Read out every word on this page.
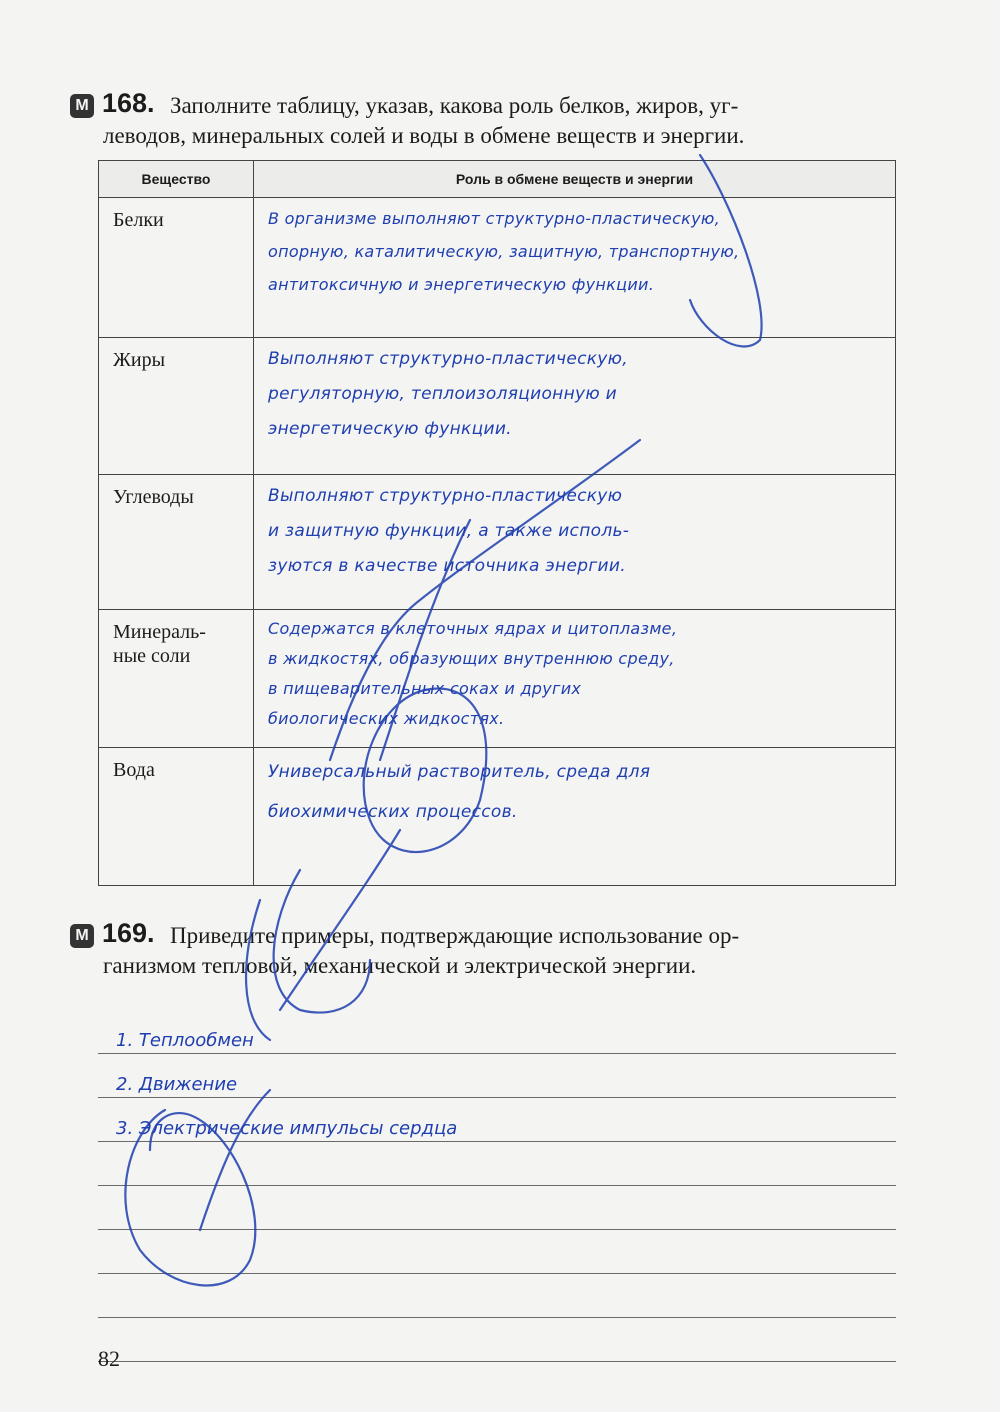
M 168. Заполните таблицу, указав, какова роль белков, жиров, уг-
леводов, минеральных солей и воды в обмене веществ и энергии.
Вещество	Роль в обмене веществ и энергии
Белки	В организме выполняют структурно-пластическую,
опорную, каталитическую, защитную, транспортную,
антитоксичную и энергетическую функции.

Жиры	Выполняют структурно-пластическую,
регуляторную, теплоизоляционную и
энергетическую функции.

Углеводы	Выполняют структурно-пластическую
и защитную функции, а также исполь-
зуются в качестве источника энергии.

Минераль-
ные соли	Содержатся в клеточных ядрах и цитоплазме,
в жидкостях, образующих внутреннюю среду,
в пищеварительных соках и других
биологических жидкостях.

Вода	Универсальный растворитель, среда для
биохимических процессов.
M 169. Приведите примеры, подтверждающие использование ор-
ганизмом тепловой, механической и электрической энергии.
1. Теплообмен
2. Движение
3. Электрические импульсы сердца
82
